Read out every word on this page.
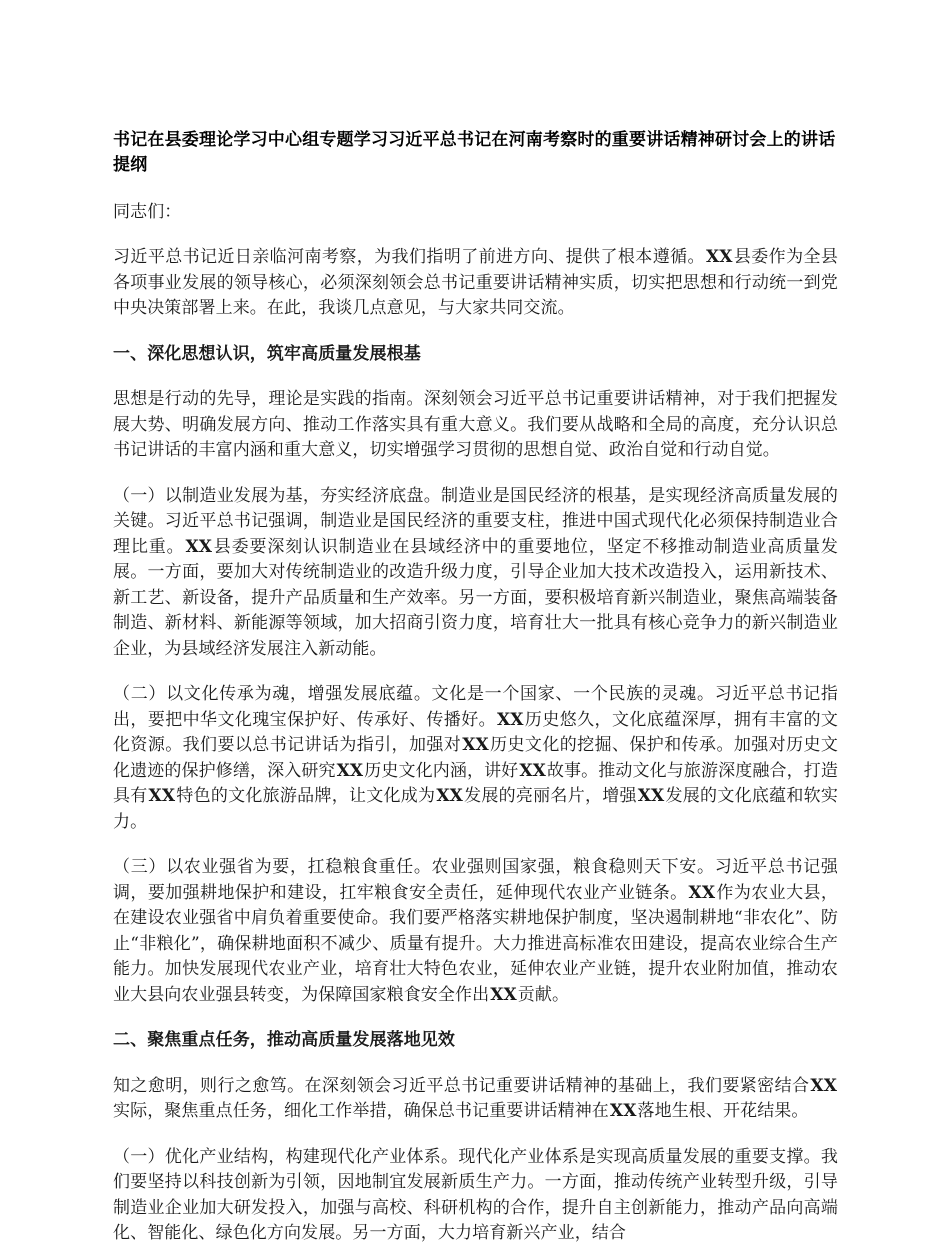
书记在县委理论学习中心组专题学习习近平总书记在河南考察时的重要讲话精神研讨会上的讲话提纲

同志们：

习近平总书记近日亲临河南考察，为我们指明了前进方向、提供了根本遵循。XX县委作为全县各项事业发展的领导核心，必须深刻领会总书记重要讲话精神实质，切实把思想和行动统一到党中央决策部署上来。在此，我谈几点意见，与大家共同交流。

一、深化思想认识，筑牢高质量发展根基

思想是行动的先导，理论是实践的指南。深刻领会习近平总书记重要讲话精神，对于我们把握发展大势、明确发展方向、推动工作落实具有重大意义。我们要从战略和全局的高度，充分认识总书记讲话的丰富内涵和重大意义，切实增强学习贯彻的思想自觉、政治自觉和行动自觉。

（一）以制造业发展为基，夯实经济底盘。制造业是国民经济的根基，是实现经济高质量发展的关键。习近平总书记强调，制造业是国民经济的重要支柱，推进中国式现代化必须保持制造业合理比重。XX县委要深刻认识制造业在县域经济中的重要地位，坚定不移推动制造业高质量发展。一方面，要加大对传统制造业的改造升级力度，引导企业加大技术改造投入，运用新技术、新工艺、新设备，提升产品质量和生产效率。另一方面，要积极培育新兴制造业，聚焦高端装备制造、新材料、新能源等领域，加大招商引资力度，培育壮大一批具有核心竞争力的新兴制造业企业，为县域经济发展注入新动能。

（二）以文化传承为魂，增强发展底蕴。文化是一个国家、一个民族的灵魂。习近平总书记指出，要把中华文化瑰宝保护好、传承好、传播好。XX历史悠久，文化底蕴深厚，拥有丰富的文化资源。我们要以总书记讲话为指引，加强对XX历史文化的挖掘、保护和传承。加强对历史文化遗迹的保护修缮，深入研究XX历史文化内涵，讲好XX故事。推动文化与旅游深度融合，打造具有XX特色的文化旅游品牌，让文化成为XX发展的亮丽名片，增强XX发展的文化底蕴和软实力。

（三）以农业强省为要，扛稳粮食重任。农业强则国家强，粮食稳则天下安。习近平总书记强调，要加强耕地保护和建设，扛牢粮食安全责任，延伸现代农业产业链条。XX作为农业大县，在建设农业强省中肩负着重要使命。我们要严格落实耕地保护制度，坚决遏制耕地“非农化”、防止“非粮化”，确保耕地面积不减少、质量有提升。大力推进高标准农田建设，提高农业综合生产能力。加快发展现代农业产业，培育壮大特色农业，延伸农业产业链，提升农业附加值，推动农业大县向农业强县转变，为保障国家粮食安全作出XX贡献。

二、聚焦重点任务，推动高质量发展落地见效

知之愈明，则行之愈笃。在深刻领会习近平总书记重要讲话精神的基础上，我们要紧密结合XX实际，聚焦重点任务，细化工作举措，确保总书记重要讲话精神在XX落地生根、开花结果。

（一）优化产业结构，构建现代化产业体系。现代化产业体系是实现高质量发展的重要支撑。我们要坚持以科技创新为引领，因地制宜发展新质生产力。一方面，推动传统产业转型升级，引导制造业企业加大研发投入，加强与高校、科研机构的合作，提升自主创新能力，推动产品向高端化、智能化、绿色化方向发展。另一方面，大力培育新兴产业，结合
